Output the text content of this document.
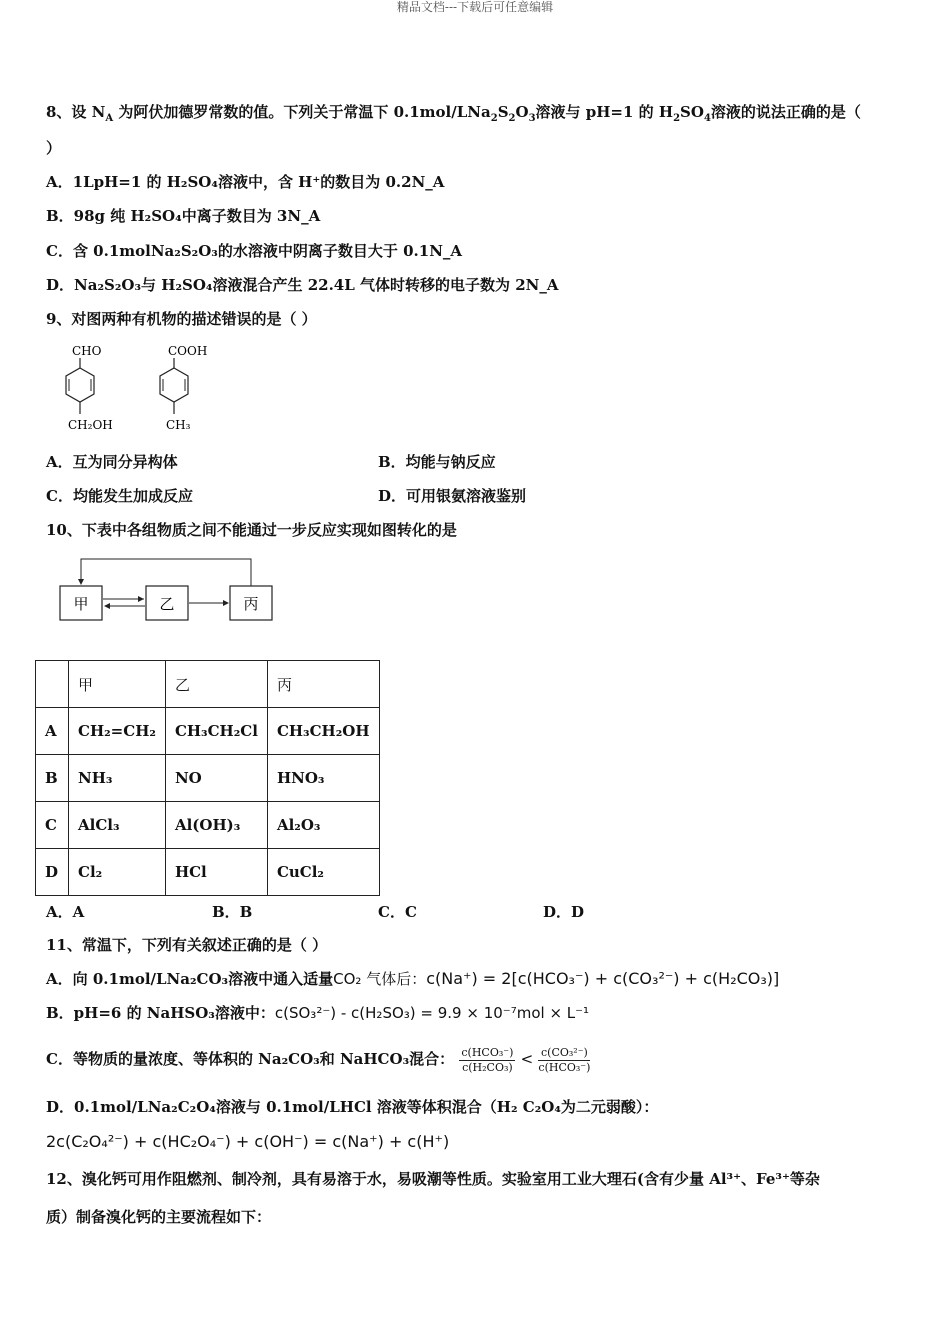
精品文档---下载后可任意编辑
8、设 $N_A$ 为阿伏加德罗常数的值。下列关于常温下 $0.1mol/LNa_2S_2O_3$溶液与 pH=1 的 $H_2SO_4$溶液的说法正确的是（
）
A．1LpH=1 的 H₂SO₄溶液中，含 H⁺的数目为 0.2N_A
B．98g 纯 H₂SO₄中离子数目为 3N_A
C．含 0.1molNa₂S₂O₃的水溶液中阴离子数目大于 0.1N_A
D．Na₂S₂O₃与 H₂SO₄溶液混合产生 22.4L 气体时转移的电子数为 2N_A
9、对图两种有机物的描述错误的是（ ）
CHO
CH₂OH
COOH
CH₃
A．互为同分异构体	B．均能与钠反应
C．均能发生加成反应	D．可用银氨溶液鉴别
10、下表中各组物质之间不能通过一步反应实现如图转化的是
甲	乙	丙
	甲	乙	丙
A	CH₂=CH₂	CH₃CH₂Cl	CH₃CH₂OH
B	NH₃	NO	HNO₃
C	AlCl₃	Al(OH)₃	Al₂O₃
D	Cl₂	HCl	CuCl₂
A．A	B．B	C．C	D．D
11、常温下，下列有关叙述正确的是（ ）
A．向 0.1mol/LNa₂CO₃溶液中通入适量CO₂ 气体后：c(Na⁺) = 2[c(HCO₃⁻) + c(CO₃²⁻) + c(H₂CO₃)]
B．pH=6 的 NaHSO₃溶液中：c(SO₃²⁻) - c(H₂SO₃) = 9.9 × 10⁻⁷mol × L⁻¹
C．等物质的量浓度、等体积的 Na₂CO₃和 NaHCO₃混合： $\frac{\text{c(HCO₃⁻)}}{\text{c(H₂CO₃)}} < \frac{\text{c(CO₃²⁻)}}{\text{c(HCO₃⁻)}}$
D．0.1mol/LNa₂C₂O₄溶液与 0.1mol/LHCl 溶液等体积混合（H₂ C₂O₄为二元弱酸）：
2c(C₂O₄²⁻) + c(HC₂O₄⁻) + c(OH⁻) = c(Na⁺) + c(H⁺)
12、溴化钙可用作阻燃剂、制冷剂，具有易溶于水，易吸潮等性质。实验室用工业大理石(含有少量 Al³⁺、Fe³⁺等杂
质）制备溴化钙的主要流程如下：
